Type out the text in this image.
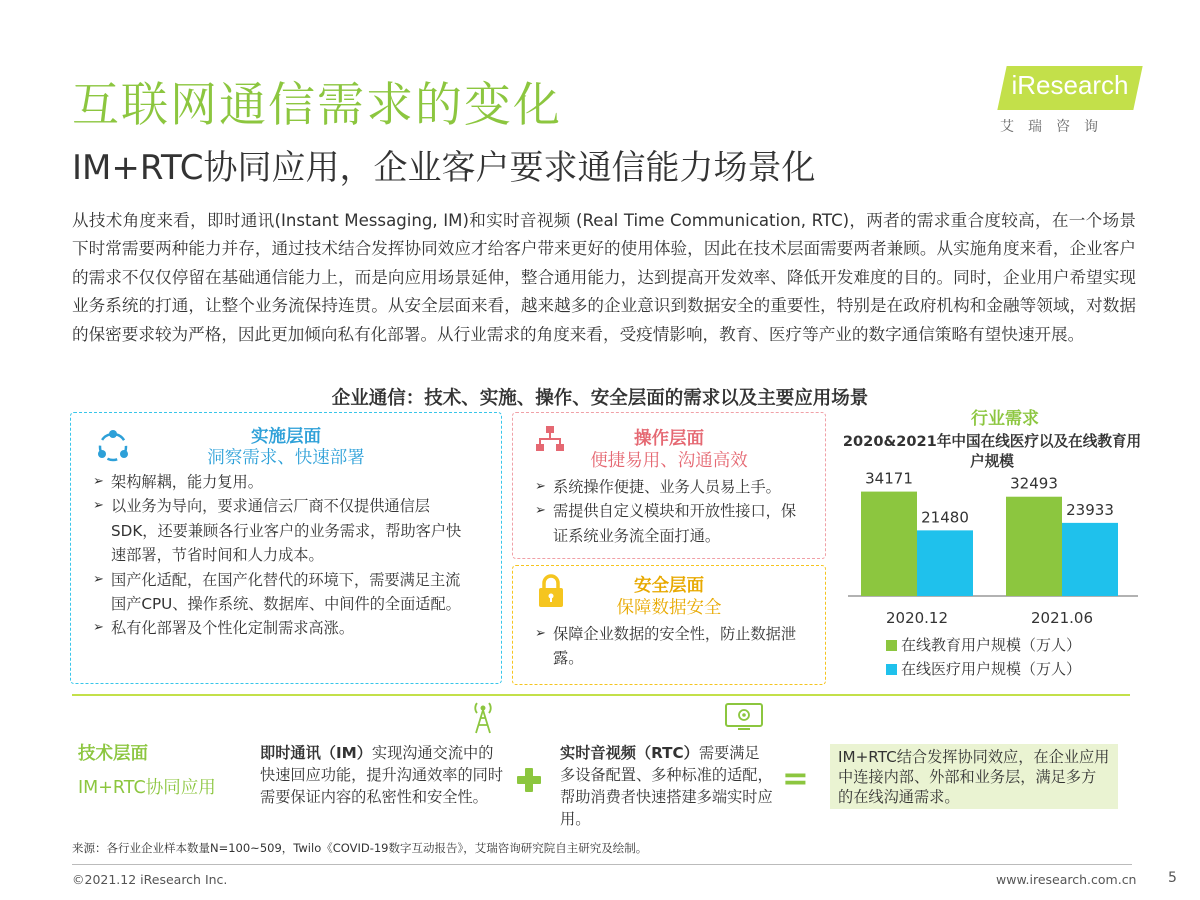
互联网通信需求的变化
IM+RTC协同应用，企业客户要求通信能力场景化
iResearch
艾瑞咨询
从技术角度来看，即时通讯(Instant Messaging, IM)和实时音视频 (Real Time Communication, RTC)，两者的需求重合度较高，在一个场景下时常需要两种能力并存，通过技术结合发挥协同效应才给客户带来更好的使用体验，因此在技术层面需要两者兼顾。从实施角度来看，企业客户的需求不仅仅停留在基础通信能力上，而是向应用场景延伸，整合通用能力，达到提高开发效率、降低开发难度的目的。同时，企业用户希望实现业务系统的打通，让整个业务流保持连贯。从安全层面来看，越来越多的企业意识到数据安全的重要性，特别是在政府机构和金融等领域，对数据的保密要求较为严格，因此更加倾向私有化部署。从行业需求的角度来看，受疫情影响，教育、医疗等产业的数字通信策略有望快速开展。
企业通信：技术、实施、操作、安全层面的需求以及主要应用场景
实施层面
洞察需求、快速部署
➢ 架构解耦，能力复用。
➢ 以业务为导向，要求通信云厂商不仅提供通信层SDK，还要兼顾各行业客户的业务需求，帮助客户快速部署，节省时间和人力成本。
➢ 国产化适配，在国产化替代的环境下，需要满足主流国产CPU、操作系统、数据库、中间件的全面适配。
➢ 私有化部署及个性化定制需求高涨。
操作层面
便捷易用、沟通高效
➢ 系统操作便捷、业务人员易上手。
➢ 需提供自定义模块和开放性接口，保证系统业务流全面打通。
安全层面
保障数据安全
➢ 保障企业数据的安全性，防止数据泄露。
行业需求
2020&2021年中国在线医疗以及在线教育用户规模
34171
21480
2020.12
32493
23933
2021.06
在线教育用户规模（万人）
在线医疗用户规模（万人）
技术层面
IM+RTC协同应用
即时通讯（IM）实现沟通交流中的快速回应功能，提升沟通效率的同时需要保证内容的私密性和安全性。
实时音视频（RTC）需要满足多设备配置、多种标准的适配，帮助消费者快速搭建多端实时应用。
=
IM+RTC结合发挥协同效应，在企业应用中连接内部、外部和业务层，满足多方的在线沟通需求。
来源：各行业企业样本数量N=100~509，Twilo《COVID-19数字互动报告》，艾瑞咨询研究院自主研究及绘制。
©2021.12 iResearch Inc.	www.iresearch.com.cn 5
